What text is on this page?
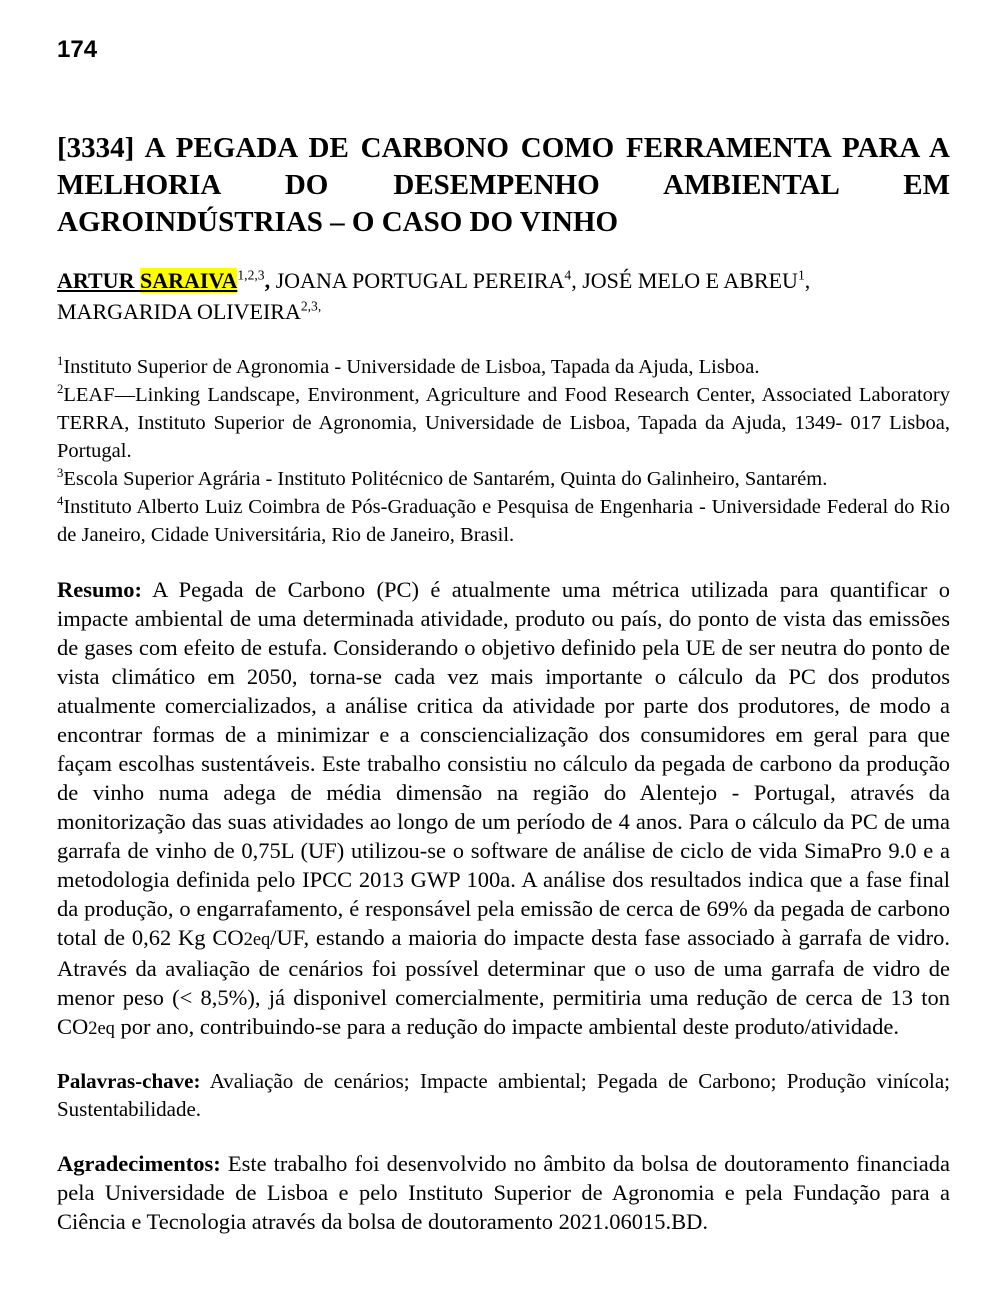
174
[3334] A PEGADA DE CARBONO COMO FERRAMENTA PARA A
MELHORIA DO DESEMPENHO AMBIENTAL EM
AGROINDÚSTRIAS – O CASO DO VINHO
ARTUR SARAIVA$^{1,2,3}$, JOANA PORTUGAL PEREIRA$^4$, JOSÉ MELO E ABREU$^1$,
MARGARIDA $OLIVEIRA^{2,3,}$
$^1$Instituto Superior de Agronomia - Universidade de Lisboa, Tapada da Ajuda, Lisboa.
$^2$LEAF—Linking Landscape, Environment, Agriculture and Food Research Center, Associated Laboratory TERRA, Instituto Superior de Agronomia, Universidade de Lisboa, Tapada da Ajuda, 1349- 017 Lisboa, Portugal.
$^3$Escola Superior Agrária - Instituto Politécnico de Santarém, Quinta do Galinheiro, Santarém.
$^4$Instituto Alberto Luiz Coimbra de Pós-Graduação e Pesquisa de Engenharia - Universidade Federal do Rio de Janeiro, Cidade Universitária, Rio de Janeiro, Brasil.
Resumo: A Pegada de Carbono (PC) é atualmente uma métrica utilizada para quantificar o impacte ambiental de uma determinada atividade, produto ou país, do ponto de vista das emissões de gases com efeito de estufa. Considerando o objetivo definido pela UE de ser neutra do ponto de vista climático em 2050, torna-se cada vez mais importante o cálculo da PC dos produtos atualmente comercializados, a análise critica da atividade por parte dos produtores, de modo a encontrar formas de a minimizar e a consciencialização dos consumidores em geral para que façam escolhas sustentáveis. Este trabalho consistiu no cálculo da pegada de carbono da produção de vinho numa adega de média dimensão na região do Alentejo - Portugal, através da monitorização das suas atividades ao longo de um período de 4 anos. Para o cálculo da PC de uma garrafa de vinho de 0,75L (UF) utilizou-se o software de análise de ciclo de vida SimaPro 9.0 e a metodologia definida pelo IPCC 2013 GWP 100a. A análise dos resultados indica que a fase final da produção, o engarrafamento, é responsável pela emissão de cerca de 69% da pegada de carbono total de 0,62 Kg CO2eq/UF, estando a maioria do impacte desta fase associado à garrafa de vidro. Através da avaliação de cenários foi possível determinar que o uso de uma garrafa de vidro de menor peso (< 8,5%), já disponivel comercialmente, permitiria uma redução de cerca de 13 ton CO2eq por ano, contribuindo-se para a redução do impacte ambiental deste produto/atividade.
Palavras-chave: Avaliação de cenários; Impacte ambiental; Pegada de Carbono; Produção vinícola; Sustentabilidade.
Agradecimentos: Este trabalho foi desenvolvido no âmbito da bolsa de doutoramento financiada pela Universidade de Lisboa e pelo Instituto Superior de Agronomia e pela Fundação para a Ciência e Tecnologia através da bolsa de doutoramento 2021.06015.BD.
